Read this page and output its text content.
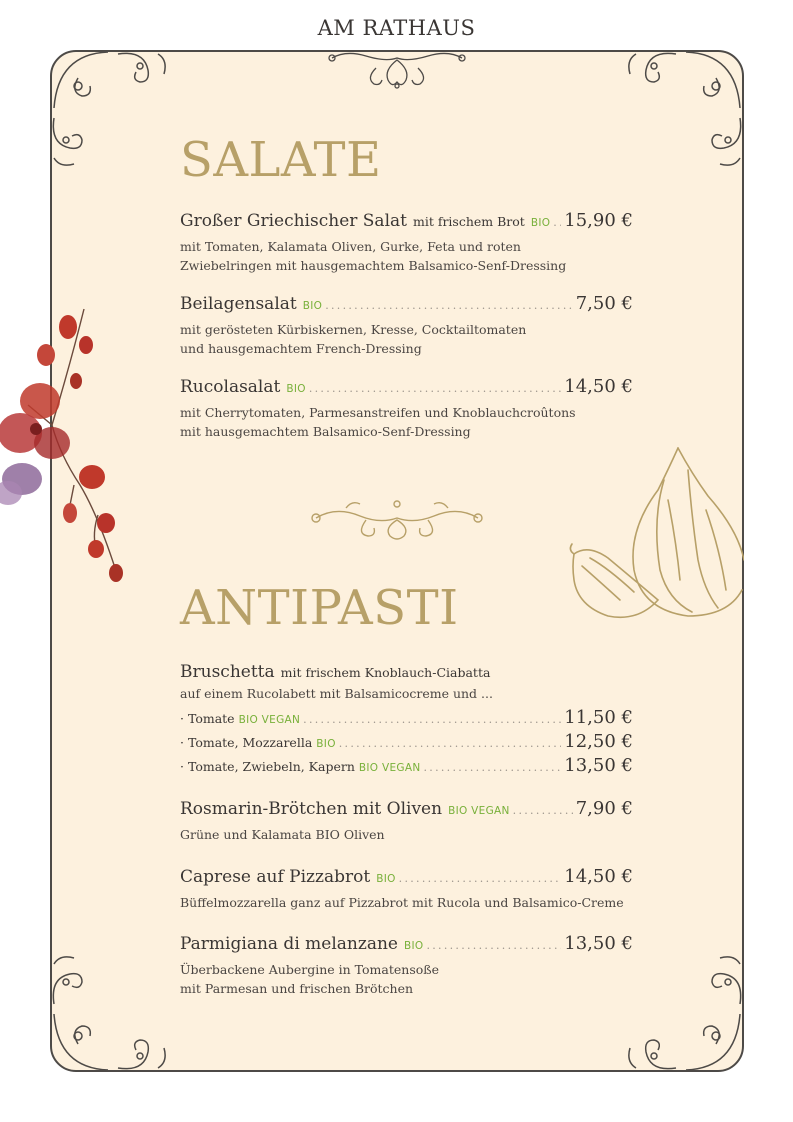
AM RATHAUS
SALATE
Großer Griechischer Salat mit frischem Brot BIO ..... 15,90 €
mit Tomaten, Kalamata Oliven, Gurke, Feta und roten
Zwiebelringen mit hausgemachtem Balsamico-Senf-Dressing
Beilagensalat BIO .....	7,50 €
mit gerösteten Kürbiskernen, Kresse, Cocktailtomaten
und hausgemachtem French-Dressing
Rucolasalat BIO .....	14,50 €
mit Cherrytomaten, Parmesanstreifen und Knoblauchcroûtons
mit hausgemachtem Balsamico-Senf-Dressing
ANTIPASTI
Bruschetta mit frischem Knoblauch-Ciabatta
auf einem Rucolabett mit Balsamicocreme und ...
· Tomate BIO VEGAN .....	11,50 €
· Tomate, Mozzarella BIO .....	12,50 €
· Tomate, Zwiebeln, Kapern BIO VEGAN .....	13,50 €
Rosmarin-Brötchen mit Oliven BIO VEGAN .....	7,90 €
Grüne und Kalamata BIO Oliven
Caprese auf Pizzabrot BIO .....	14,50 €
Büffelmozzarella ganz auf Pizzabrot mit Rucola und Balsamico-Creme
Parmigiana di melanzane BIO .....	13,50 €
Überbackene Aubergine in Tomatensoße
mit Parmesan und frischen Brötchen
